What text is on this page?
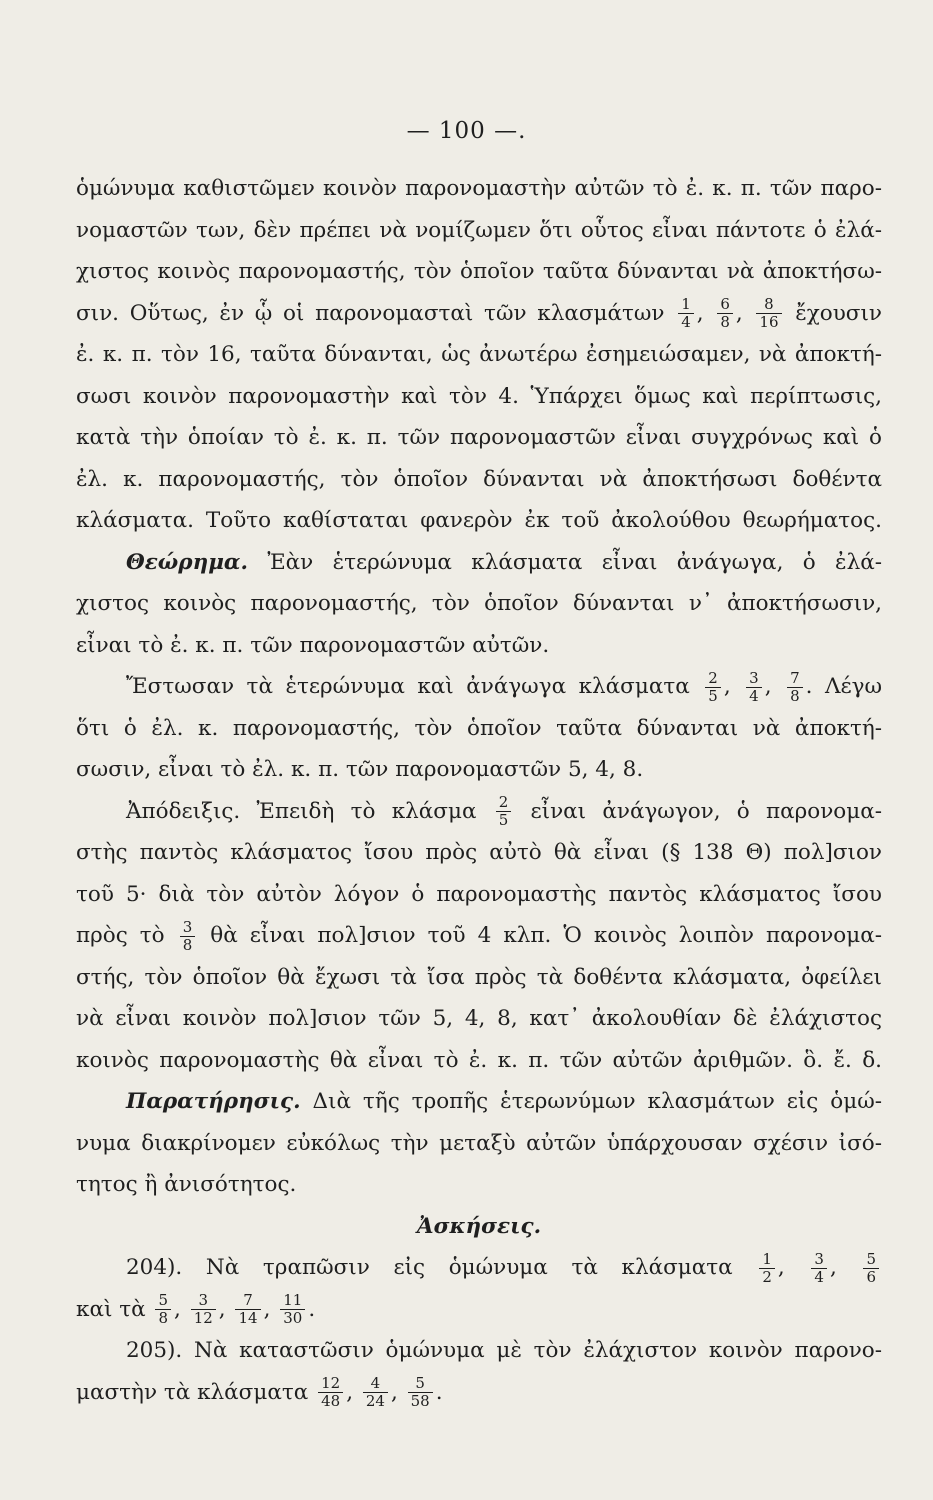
— 100 —.
ὁμώνυμα καθιστῶμεν κοινὸν παρονομαστὴν αὐτῶν τὸ ἐ. κ. π. τῶν παρο-
νομαστῶν των, δὲν πρέπει νὰ νομίζωμεν ὅτι οὗτος εἶναι πάντοτε ὁ ἐλά-
χιστος κοινὸς παρονομαστής, τὸν ὁποῖον ταῦτα δύνανται νὰ ἀποκτήσω-
σιν. Οὕτως, ἐν ᾧ οἱ παρονομασταὶ τῶν κλασμάτων $\frac{1}{4}$ , $\frac{6}{8}$ , $\frac{8}{16}$ ἔχουσιν
ἐ. κ. π. τὸν 16, ταῦτα δύνανται, ὡς ἀνωτέρω ἐσημειώσαμεν, νὰ ἀποκτή-
σωσι κοινὸν παρονομαστὴν καὶ τὸν 4. Ὑπάρχει ὅμως καὶ περίπτωσις,
κατὰ τὴν ὁποίαν τὸ ἐ. κ. π. τῶν παρονομαστῶν εἶναι συγχρόνως καὶ ὁ
ἐλ. κ. παρονομαστής, τὸν ὁποῖον δύνανται νὰ ἀποκτήσωσι δοθέντα
κλάσματα. Τοῦτο καθίσταται φανερὸν ἐκ τοῦ ἀκολούθου θεωρήματος.
Θεώρημα. Ἐὰν ἑτερώνυμα κλάσματα εἶναι ἀνάγωγα, ὁ ἐλά-
χιστος κοινὸς παρονομαστής, τὸν ὁποῖον δύνανται ν᾽ ἀποκτήσωσιν,
εἶναι τὸ ἐ. κ. π. τῶν παρονομαστῶν αὐτῶν.
Ἔστωσαν τὰ ἑτερώνυμα καὶ ἀνάγωγα κλάσματα $\frac{2}{5}$ , $\frac{3}{4}$ , $\frac{7}{8}$ . Λέγω
ὅτι ὁ ἐλ. κ. παρονομαστής, τὸν ὁποῖον ταῦτα δύνανται νὰ ἀποκτή-
σωσιν, εἶναι τὸ ἐλ. κ. π. τῶν παρονομαστῶν 5, 4, 8.
Ἀπόδειξις. Ἐπειδὴ τὸ κλάσμα $\frac{2}{5}$ εἶναι ἀνάγωγον, ὁ παρονομα-
στὴς παντὸς κλάσματος ἴσου πρὸς αὐτὸ θὰ εἶναι (§ 138 Θ) πολ]σιον
τοῦ 5· διὰ τὸν αὐτὸν λόγον ὁ παρονομαστὴς παντὸς κλάσματος ἴσου
πρὸς τὸ $\frac{3}{8}$ θὰ εἶναι πολ]σιον τοῦ 4 κλπ. Ὁ κοινὸς λοιπὸν παρονομα-
στής, τὸν ὁποῖον θὰ ἔχωσι τὰ ἴσα πρὸς τὰ δοθέντα κλάσματα, ὀφείλει
νὰ εἶναι κοινὸν πολ]σιον τῶν 5, 4, 8, κατ᾽ ἀκολουθίαν δὲ ἐλάχιστος
κοινὸς παρονομαστὴς θὰ εἶναι τὸ ἐ. κ. π. τῶν αὐτῶν ἀριθμῶν. ὃ. ἔ. δ.
Παρατήρησις. Διὰ τῆς τροπῆς ἑτερωνύμων κλασμάτων εἰς ὁμώ-
νυμα διακρίνομεν εὐκόλως τὴν μεταξὺ αὐτῶν ὑπάρχουσαν σχέσιν ἰσό-
τητος ἢ ἀνισότητος.
Ἀσκήσεις.
204). Νὰ τραπῶσιν εἰς ὁμώνυμα τὰ κλάσματα $\frac{1}{2}$ , $\frac{3}{4}$ , $\frac{5}{6}$
καὶ τὰ $\frac{5}{8}$ , $\frac{3}{12}$ , $\frac{7}{14}$ , $\frac{11}{30}$ .
205). Νὰ καταστῶσιν ὁμώνυμα μὲ τὸν ἐλάχιστον κοινὸν παρονο-
μαστὴν τὰ κλάσματα $\frac{12}{48}$ , $\frac{4}{24}$ , $\frac{5}{58}$ .
